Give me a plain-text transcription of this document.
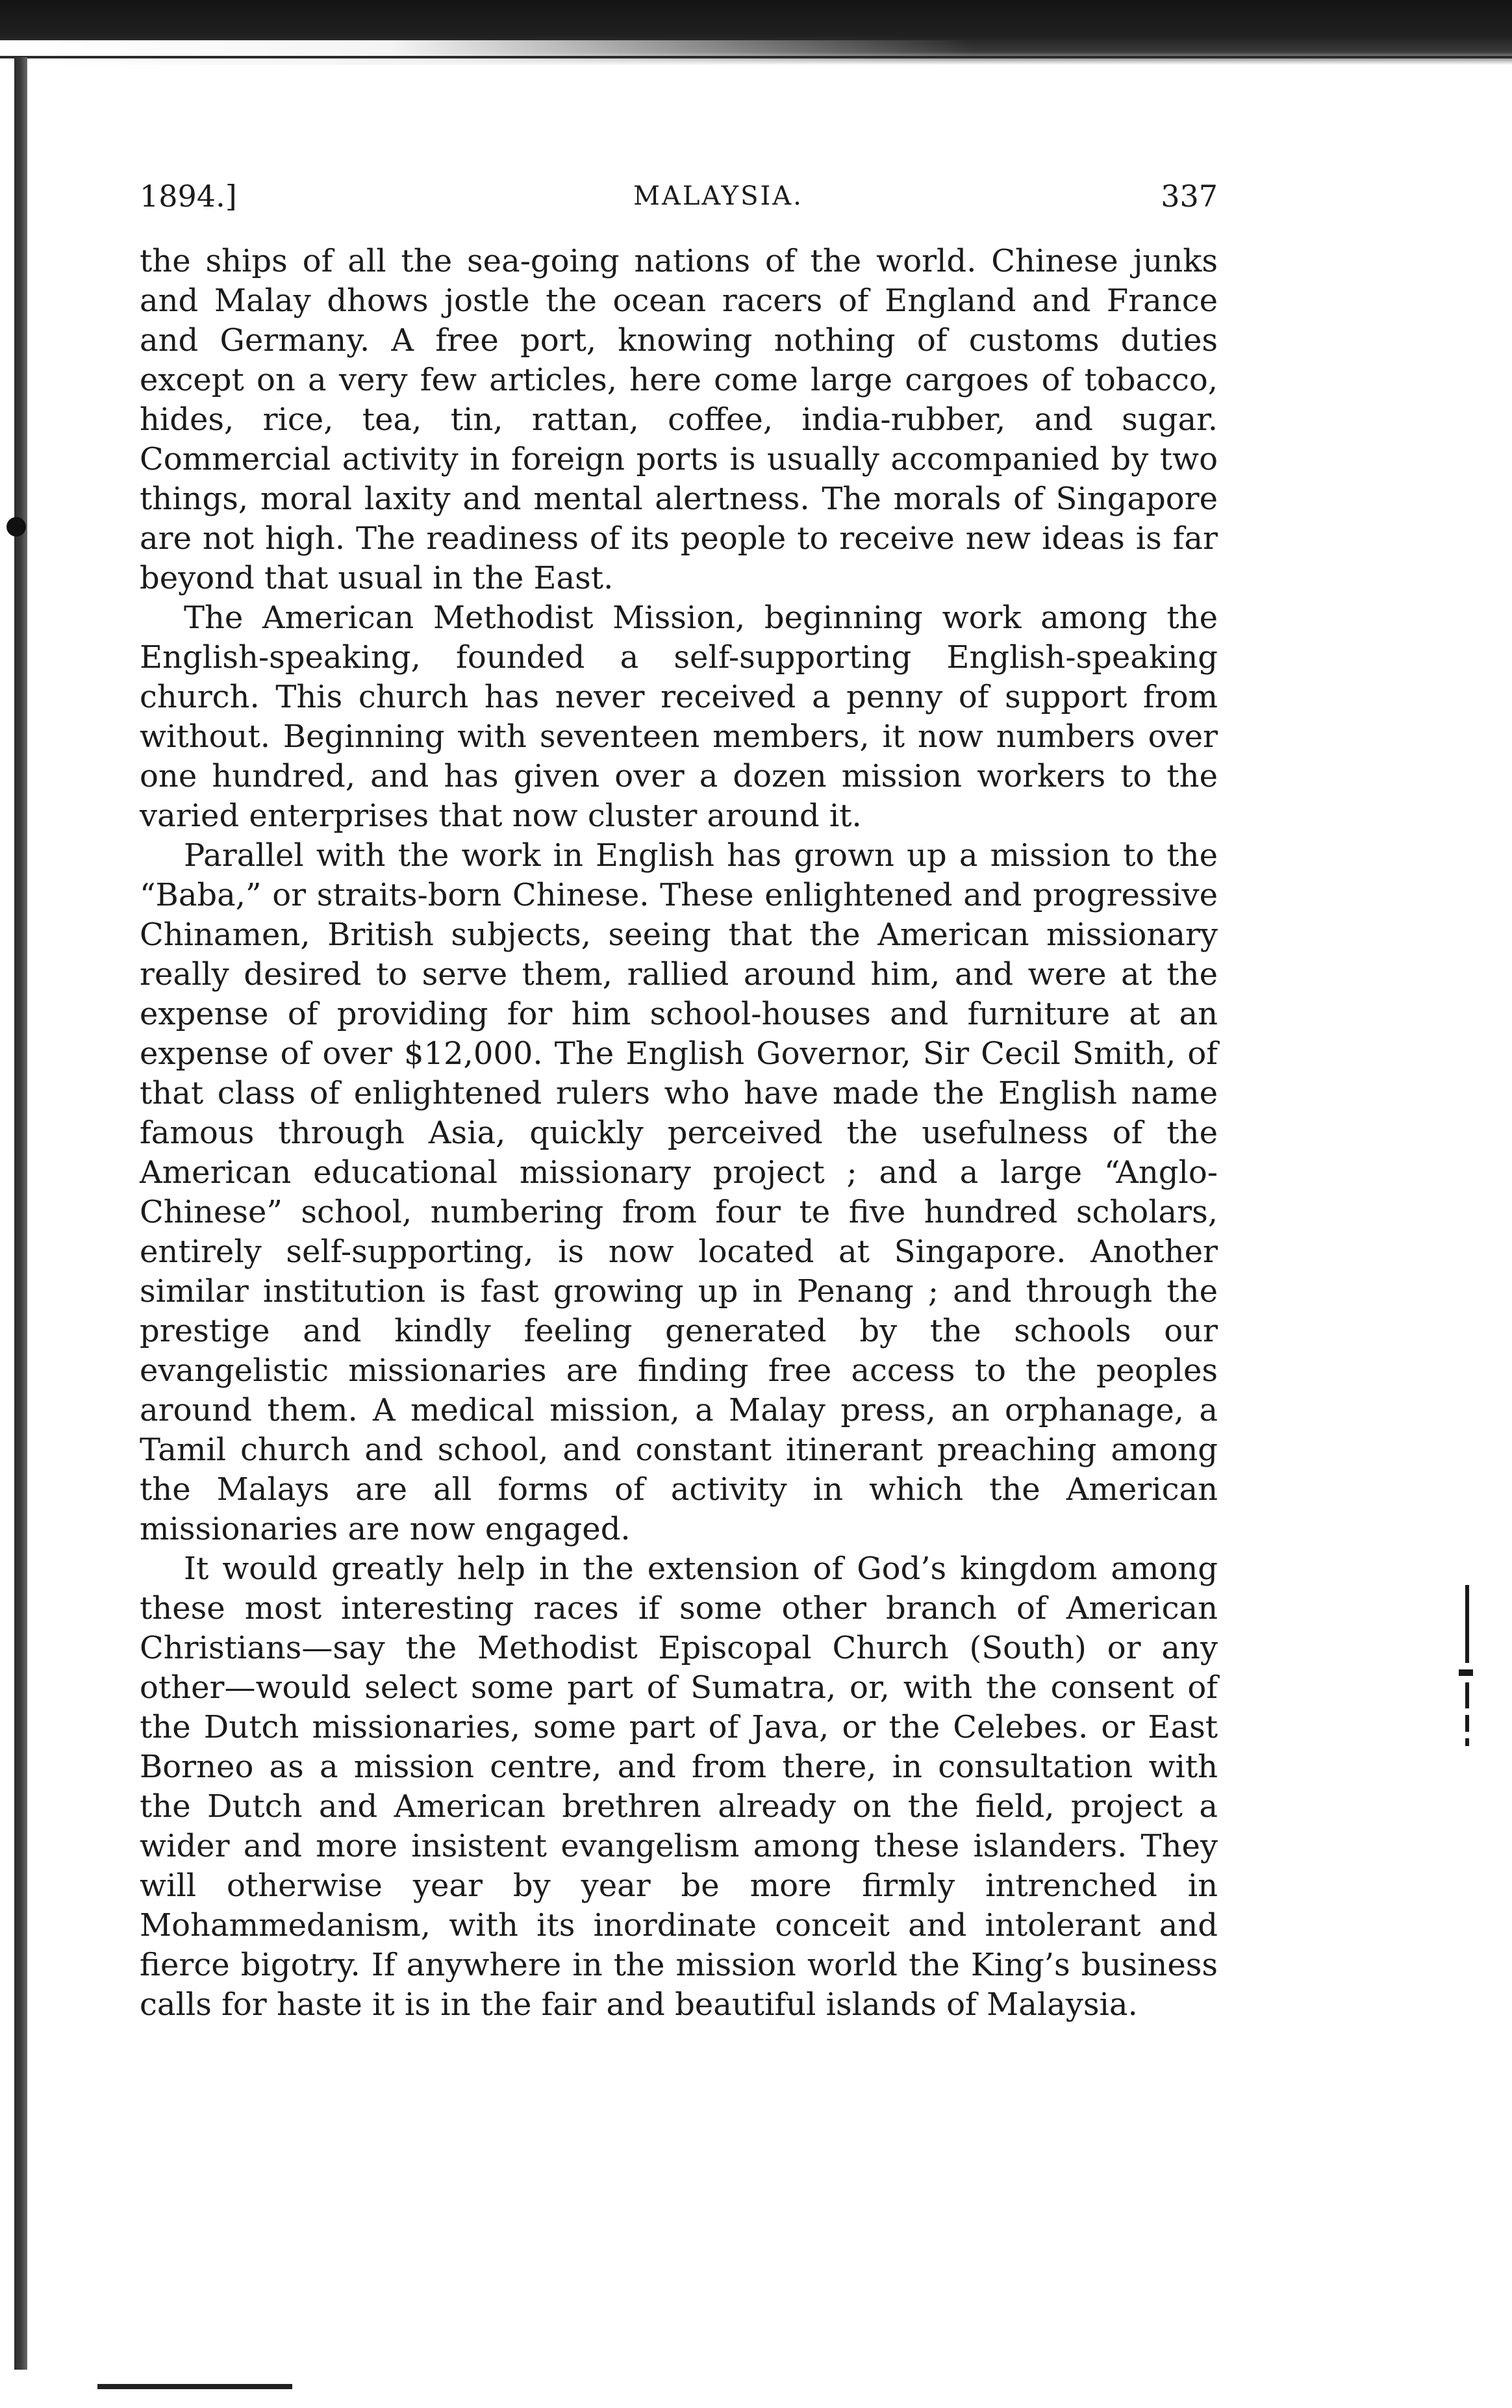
1894.]	MALAYSIA.	337

the ships of all the sea-going nations of the world. Chinese junks and Malay dhows jostle the ocean racers of England and France and Germany. A free port, knowing nothing of customs duties except on a very few articles, here come large cargoes of tobacco, hides, rice, tea, tin, rattan, coffee, india-rubber, and sugar. Commercial activity in foreign ports is usually accompanied by two things, moral laxity and mental alertness. The morals of Singapore are not high. The readiness of its people to receive new ideas is far beyond that usual in the East.

The American Methodist Mission, beginning work among the English-speaking, founded a self-supporting English-speaking church. This church has never received a penny of support from without. Beginning with seventeen members, it now numbers over one hundred, and has given over a dozen mission workers to the varied enterprises that now cluster around it.

Parallel with the work in English has grown up a mission to the “Baba,” or straits-born Chinese. These enlightened and progressive Chinamen, British subjects, seeing that the American missionary really desired to serve them, rallied around him, and were at the expense of providing for him school-houses and furniture at an expense of over $12,000. The English Governor, Sir Cecil Smith, of that class of enlightened rulers who have made the English name famous through Asia, quickly perceived the usefulness of the American educational missionary project ; and a large “Anglo-Chinese” school, numbering from four te five hundred scholars, entirely self-supporting, is now located at Singapore. Another similar institution is fast growing up in Penang ; and through the prestige and kindly feeling generated by the schools our evangelistic missionaries are finding free access to the peoples around them. A medical mission, a Malay press, an orphanage, a Tamil church and school, and constant itinerant preaching among the Malays are all forms of activity in which the American missionaries are now engaged.

It would greatly help in the extension of God’s kingdom among these most interesting races if some other branch of American Christians—say the Methodist Episcopal Church (South) or any other—would select some part of Sumatra, or, with the consent of the Dutch missionaries, some part of Java, or the Celebes. or East Borneo as a mission centre, and from there, in consultation with the Dutch and American brethren already on the field, project a wider and more insistent evangelism among these islanders. They will otherwise year by year be more firmly intrenched in Mohammedanism, with its inordinate conceit and intolerant and fierce bigotry. If anywhere in the mission world the King’s business calls for haste it is in the fair and beautiful islands of Malaysia.
